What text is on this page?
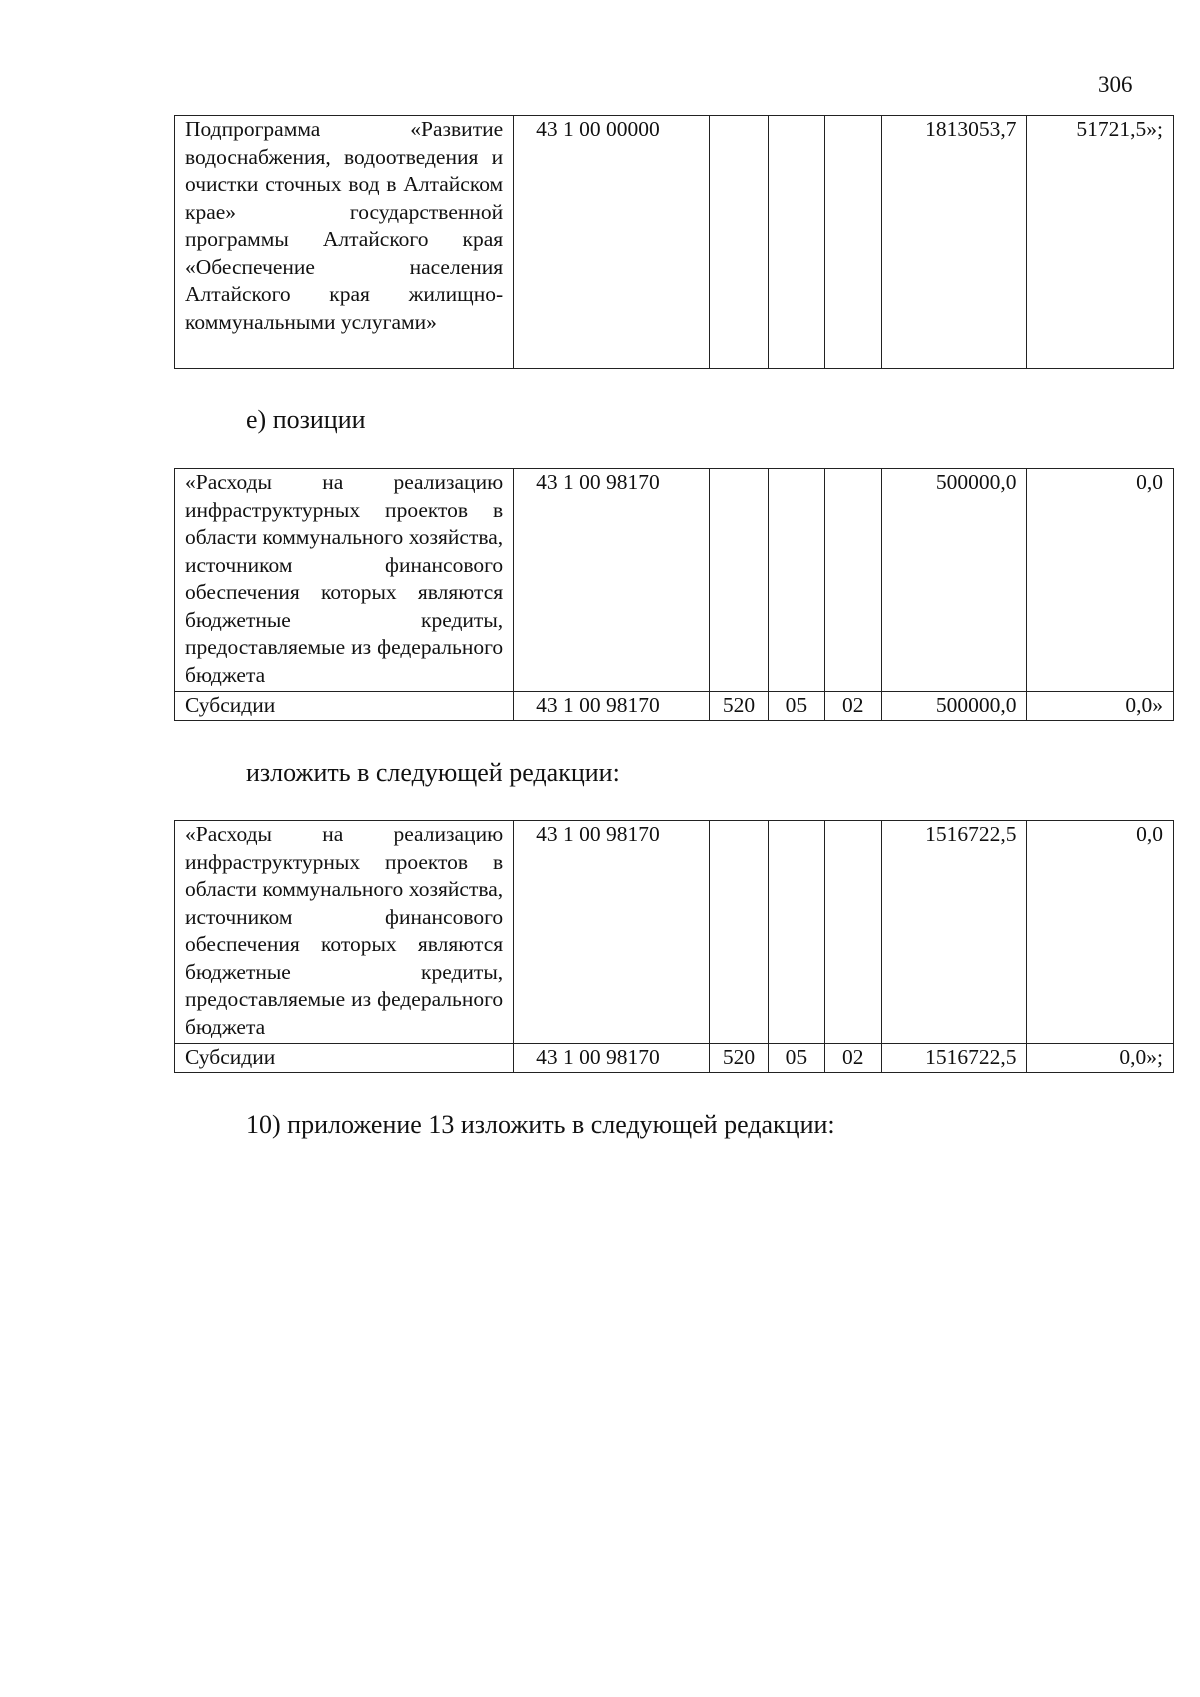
306
Подпрограмма «Развитие водоснабжения, водоотведения и очистки сточных вод в Алтайском крае» государственной программы Алтайского края «Обеспечение населения Алтайского края жилищно-коммунальными услугами»	43 1 00 00000				1813053,7	51721,5»;
е) позиции
«Расходы на реализацию инфраструктурных проектов в области коммунального хозяйства, источником финансового обеспечения которых являются бюджетные кредиты, предоставляемые из федерального бюджета	43 1 00 98170				500000,0	0,0
Субсидии	43 1 00 98170	520	05	02	500000,0	0,0»
изложить в следующей редакции:
«Расходы на реализацию инфраструктурных проектов в области коммунального хозяйства, источником финансового обеспечения которых являются бюджетные кредиты, предоставляемые из федерального бюджета	43 1 00 98170				1516722,5	0,0
Субсидии	43 1 00 98170	520	05	02	1516722,5	0,0»;
10) приложение 13 изложить в следующей редакции:
